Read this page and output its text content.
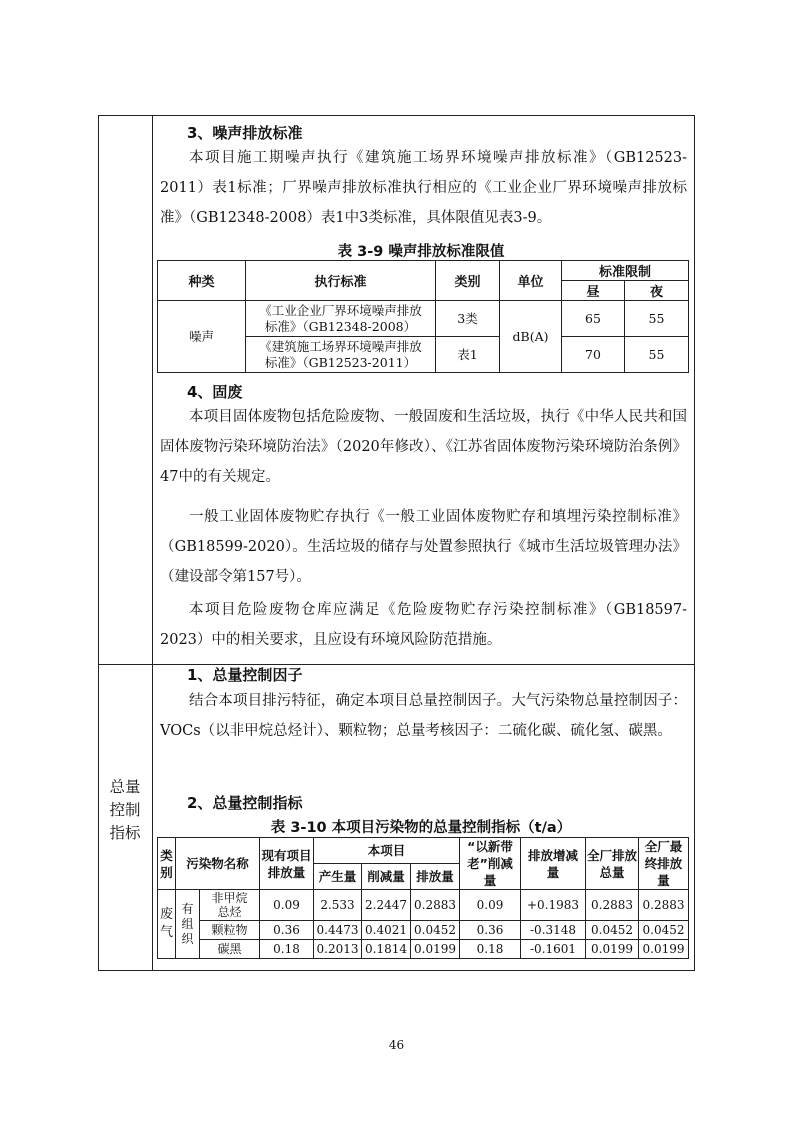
总量控制指标
3、噪声排放标准

本项目施工期噪声执行《建筑施工场界环境噪声排放标准》（GB12523-2011）表1标准；厂界噪声排放标准执行相应的《工业企业厂界环境噪声排放标准》（GB12348-2008）表1中3类标准，具体限值见表3-9。

表 3-9 噪声排放标准限值
种类	执行标准	类别	单位	标准限制	
				昼	夜
噪声	《工业企业厂界环境噪声排放标准》（GB12348-2008）	3类	dB(A)	65	55
	《建筑施工场界环境噪声排放标准》（GB12523-2011）	表1		70	55
4、固废

本项目固体废物包括危险废物、一般固废和生活垃圾，执行《中华人民共和国固体废物污染环境防治法》（2020年修改）、《江苏省固体废物污染环境防治条例》47中的有关规定。

一般工业固体废物贮存执行《一般工业固体废物贮存和填埋污染控制标准》（GB18599-2020）。生活垃圾的储存与处置参照执行《城市生活垃圾管理办法》（建设部令第157号）。

本项目危险废物仓库应满足《危险废物贮存污染控制标准》（GB18597-2023）中的相关要求，且应设有环境风险防范措施。

1、总量控制因子

结合本项目排污特征，确定本项目总量控制因子。大气污染物总量控制因子：VOCs（以非甲烷总烃计）、颗粒物；总量考核因子：二硫化碳、硫化氢、碳黑。

2、总量控制指标
表 3-10 本项目污染物的总量控制指标（t/a）
类别	污染物名称		现有项目排放量	本项目			“以新带老”削减量	排放增减量	全厂排放总量	全厂最终排放量
				产生量	削减量	排放量				
废气	有组织	非甲烷总烃	0.09	2.533	2.2447	0.2883	0.09	+0.1983	0.2883	0.2883
		颗粒物	0.36	0.4473	0.4021	0.0452	0.36	-0.3148	0.0452	0.0452
		碳黑	0.18	0.2013	0.1814	0.0199	0.18	-0.1601	0.0199	0.0199
46
